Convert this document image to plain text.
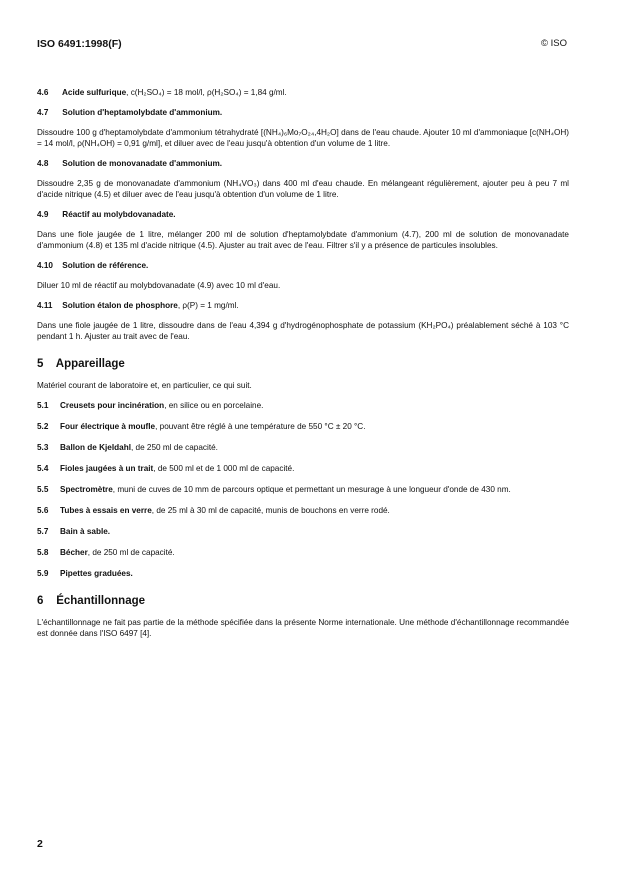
ISO 6491:1998(F)	© ISO

4.6 Acide sulfurique, c(H₂SO₄) = 18 mol/l, ρ(H₂SO₄) = 1,84 g/ml.

4.7 Solution d'heptamolybdate d'ammonium.

Dissoudre 100 g d'heptamolybdate d'ammonium tétrahydraté [(NH₄)₆Mo₇O₂₄,4H₂O] dans de l'eau chaude. Ajouter 10 ml d'ammoniaque [c(NH₄OH) = 14 mol/l, ρ(NH₄OH) = 0,91 g/ml], et diluer avec de l'eau jusqu'à obtention d'un volume de 1 litre.

4.8 Solution de monovanadate d'ammonium.

Dissoudre 2,35 g de monovanadate d'ammonium (NH₄VO₃) dans 400 ml d'eau chaude. En mélangeant régulièrement, ajouter peu à peu 7 ml d'acide nitrique (4.5) et diluer avec de l'eau jusqu'à obtention d'un volume de 1 litre.

4.9 Réactif au molybdovanadate.

Dans une fiole jaugée de 1 litre, mélanger 200 ml de solution d'heptamolybdate d'ammonium (4.7), 200 ml de solution de monovanadate d'ammonium (4.8) et 135 ml d'acide nitrique (4.5). Ajuster au trait avec de l'eau. Filtrer s'il y a présence de particules insolubles.

4.10 Solution de référence.

Diluer 10 ml de réactif au molybdovanadate (4.9) avec 10 ml d'eau.

4.11 Solution étalon de phosphore, ρ(P) = 1 mg/ml.

Dans une fiole jaugée de 1 litre, dissoudre dans de l'eau 4,394 g d'hydrogénophosphate de potassium (KH₂PO₄) préalablement séché à 103 °C pendant 1 h. Ajuster au trait avec de l'eau.

5 Appareillage

Matériel courant de laboratoire et, en particulier, ce qui suit.

5.1 Creusets pour incinération, en silice ou en porcelaine.

5.2 Four électrique à moufle, pouvant être réglé à une température de 550 °C ± 20 °C.

5.3 Ballon de Kjeldahl, de 250 ml de capacité.

5.4 Fioles jaugées à un trait, de 500 ml et de 1 000 ml de capacité.

5.5 Spectromètre, muni de cuves de 10 mm de parcours optique et permettant un mesurage à une longueur d'onde de 430 nm.

5.6 Tubes à essais en verre, de 25 ml à 30 ml de capacité, munis de bouchons en verre rodé.

5.7 Bain à sable.

5.8 Bécher, de 250 ml de capacité.

5.9 Pipettes graduées.

6 Échantillonnage

L'échantillonnage ne fait pas partie de la méthode spécifiée dans la présente Norme internationale. Une méthode d'échantillonnage recommandée est donnée dans l'ISO 6497 [4].

2
